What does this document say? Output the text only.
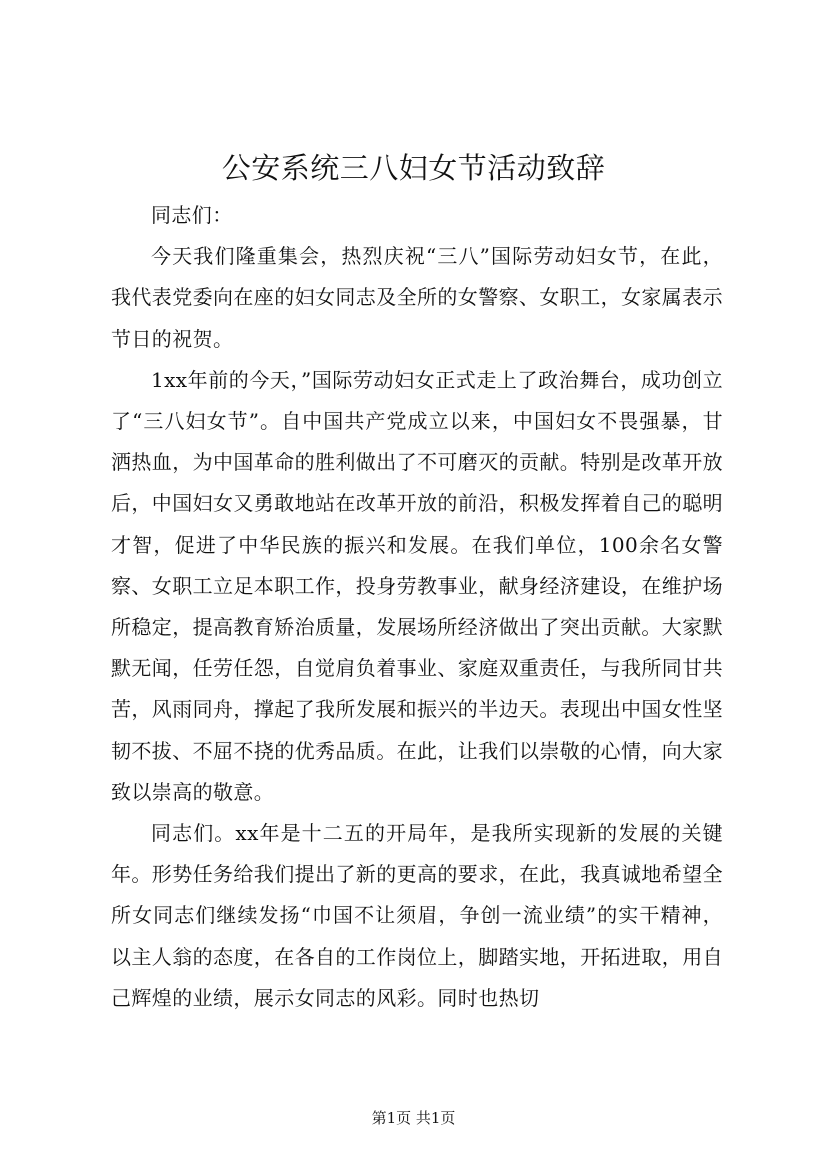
公安系统三八妇女节活动致辞

同志们：

今天我们隆重集会，热烈庆祝“三八”国际劳动妇女节，在此，我代表党委向在座的妇女同志及全所的女警察、女职工，女家属表示节日的祝贺。

1xx年前的今天，”国际劳动妇女正式走上了政治舞台，成功创立了“三八妇女节”。自中国共产党成立以来，中国妇女不畏强暴，甘洒热血，为中国革命的胜利做出了不可磨灭的贡献。特别是改革开放后，中国妇女又勇敢地站在改革开放的前沿，积极发挥着自己的聪明才智，促进了中华民族的振兴和发展。在我们单位，100余名女警察、女职工立足本职工作，投身劳教事业，献身经济建设，在维护场所稳定，提高教育矫治质量，发展场所经济做出了突出贡献。大家默默无闻，任劳任怨，自觉肩负着事业、家庭双重责任，与我所同甘共苦，风雨同舟，撑起了我所发展和振兴的半边天。表现出中国女性坚韧不拔、不屈不挠的优秀品质。在此，让我们以崇敬的心情，向大家致以崇高的敬意。

同志们。xx年是十二五的开局年，是我所实现新的发展的关键年。形势任务给我们提出了新的更高的要求，在此，我真诚地希望全所女同志们继续发扬“巾国不让须眉，争创一流业绩”的实干精神，以主人翁的态度，在各自的工作岗位上，脚踏实地，开拓进取，用自己辉煌的业绩，展示女同志的风彩。同时也热切

第1页 共1页
